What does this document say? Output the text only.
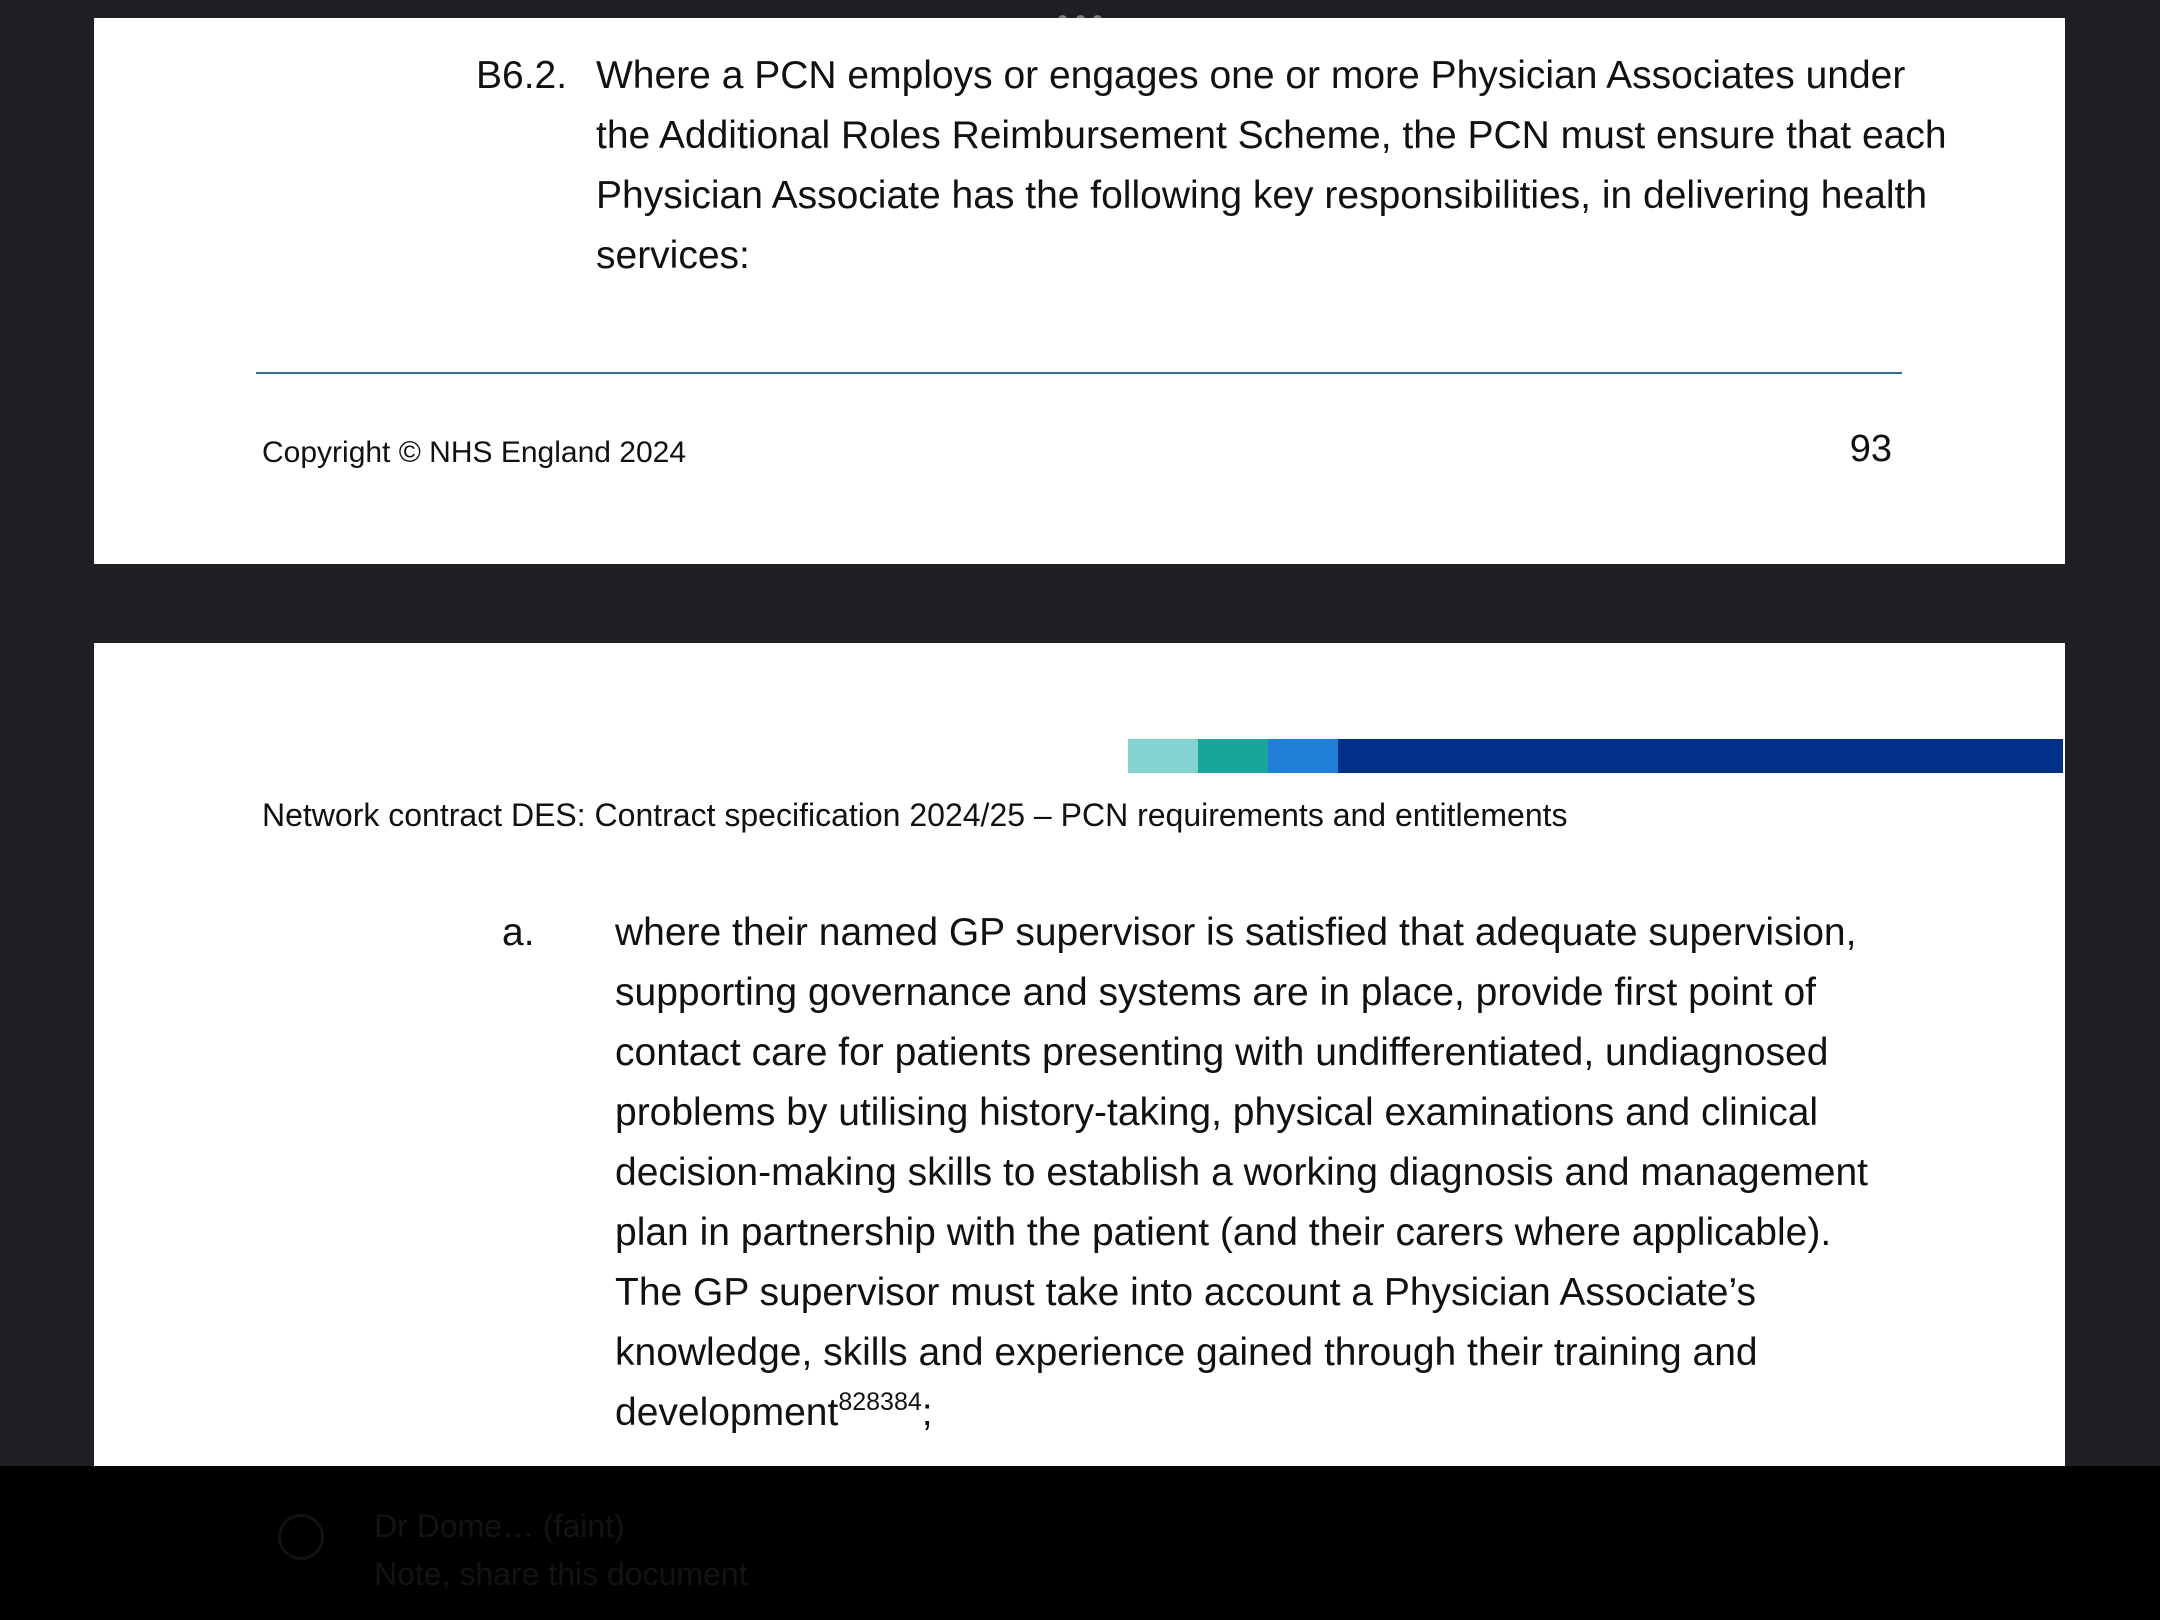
B6.2. Where a PCN employs or engages one or more Physician Associates under
the Additional Roles Reimbursement Scheme, the PCN must ensure that each
Physician Associate has the following key responsibilities, in delivering health
services:
Copyright © NHS England 2024	93
Network contract DES: Contract specification 2024/25 – PCN requirements and entitlements
a. where their named GP supervisor is satisfied that adequate supervision,
supporting governance and systems are in place, provide first point of
contact care for patients presenting with undifferentiated, undiagnosed
problems by utilising history-taking, physical examinations and clinical
decision-making skills to establish a working diagnosis and management
plan in partnership with the patient (and their carers where applicable).
The GP supervisor must take into account a Physician Associate’s
knowledge, skills and experience gained through their training and
development$^{828384}$;
Dr Dome… (faint)
Note, share this document
